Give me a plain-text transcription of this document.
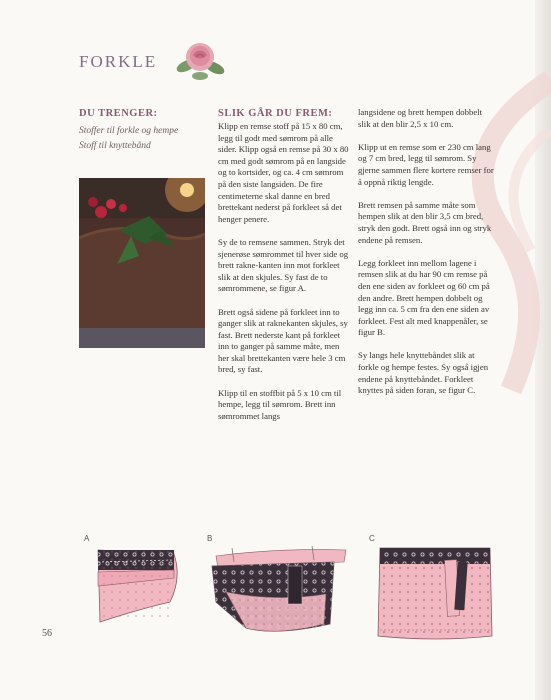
FORKLE
DU TRENGER:
Stoffer til forkle og hempe
Stoff til knyttebånd
SLIK GÅR DU FREM:

Klipp en remse stoff på 15 x 80 cm, legg til godt med sømrom på alle sider. Klipp også en remse på 30 x 80 cm med godt sømrom på en langside og to kortsider, og ca. 4 cm sømrom på den siste langsiden. De fire centimeterne skal danne en bred brettekant nederst på forkleet så det henger penere.

Sy de to remsene sammen. Stryk det sjenerøse sømrommet til hver side og brett rakne-kanten inn mot forkleet slik at den skjules. Sy fast de to sømrommene, se figur A.

Brett også sidene på forkleet inn to ganger slik at raknekanten skjules, sy fast. Brett nederste kant på forkleet inn to ganger på samme måte, men her skal brettekanten være hele 3 cm bred, sy fast.

Klipp til en stoffbit på 5 x 10 cm til hempe, legg til sømrom. Brett inn sømrommet langs

langsidene og brett hempen dobbelt slik at den blir 2,5 x 10 cm.

Klipp ut en remse som er 230 cm lang og 7 cm bred, legg til sømrom. Sy gjerne sammen flere kortere remser for å oppnå riktig lengde.

Brett remsen på samme måte som hempen slik at den blir 3,5 cm bred, stryk den godt. Brett også inn og stryk endene på remsen.

Legg forkleet inn mellom lagene i remsen slik at du har 90 cm remse på den ene siden av forkleet og 60 cm på den andre. Brett hempen dobbelt og legg inn ca. 5 cm fra den ene siden av forkleet. Fest alt med knappenåler, se figur B.

Sy langs hele knyttebåndet slik at forkle og hempe festes. Sy også igjen endene på knyttebåndet. Forkleet knyttes på siden foran, se figur C.

A	B	C
56
